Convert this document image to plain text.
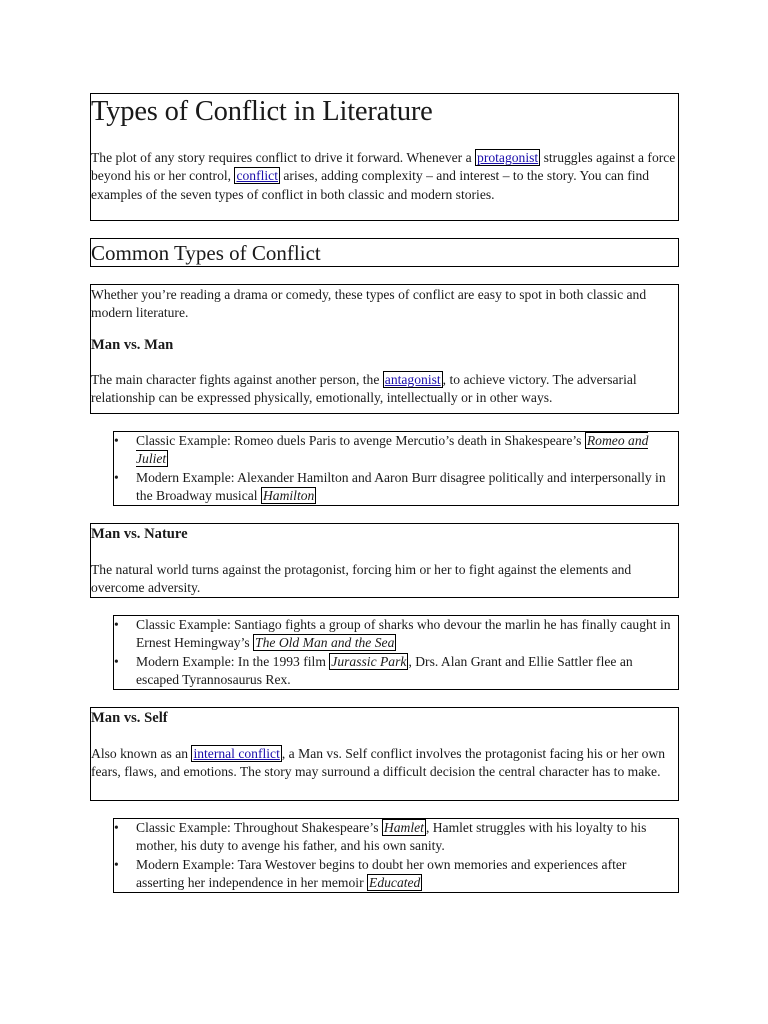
Types of Conflict in Literature

The plot of any story requires conflict to drive it forward. Whenever a protagonist struggles against a force beyond his or her control, conflict arises, adding complexity – and interest – to the story. You can find examples of the seven types of conflict in both classic and modern stories.

Common Types of Conflict

Whether you’re reading a drama or comedy, these types of conflict are easy to spot in both classic and modern literature.

Man vs. Man

The main character fights against another person, the antagonist , to achieve victory. The adversarial relationship can be expressed physically, emotionally, intellectually or in other ways.

• Classic Example: Romeo duels Paris to avenge Mercutio’s death in Shakespeare’s Romeo and Juliet
• Modern Example: Alexander Hamilton and Aaron Burr disagree politically and interpersonally in the Broadway musical Hamilton
Man vs. Nature

The natural world turns against the protagonist, forcing him or her to fight against the elements and overcome adversity.

• Classic Example: Santiago fights a group of sharks who devour the marlin he has finally caught in Ernest Hemingway’s The Old Man and the Sea
• Modern Example: In the 1993 film Jurassic Park , Drs. Alan Grant and Ellie Sattler flee an escaped Tyrannosaurus Rex.
Man vs. Self

Also known as an internal conflict , a Man vs. Self conflict involves the protagonist facing his or her own fears, flaws, and emotions. The story may surround a difficult decision the central character has to make.

• Classic Example: Throughout Shakespeare’s Hamlet , Hamlet struggles with his loyalty to his mother, his duty to avenge his father, and his own sanity.
• Modern Example: Tara Westover begins to doubt her own memories and experiences after asserting her independence in her memoir Educated
